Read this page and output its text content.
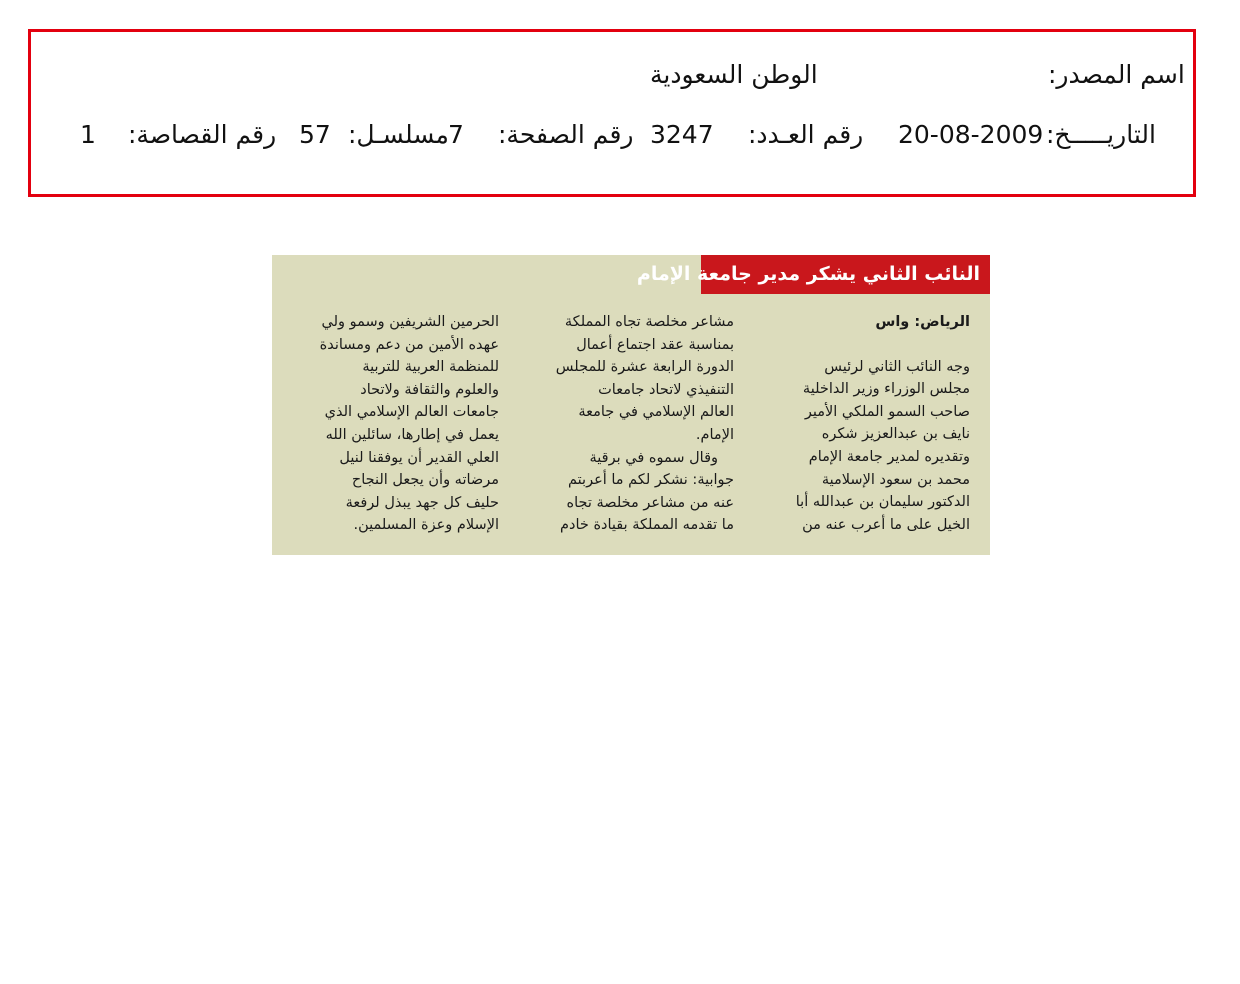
اسم المصدر:
الوطن السعودية
التاريـــــخ:
20-08-2009
رقم العـدد:
3247
رقم الصفحة:
7
مسلسـل:
57
رقم القصاصة:
1
النائب الثاني يشكر مدير جامعة الإمام

الرياض: واس

وجه النائب الثاني لرئيس

مجلس الوزراء وزير الداخلية

صاحب السمو الملكي الأمير

نايف بن عبدالعزيز شكره

وتقديره لمدير جامعة الإمام

محمد بن سعود الإسلامية

الدكتور سليمان بن عبدالله أبا

الخيل على ما أعرب عنه من

مشاعر مخلصة تجاه المملكة

بمناسبة عقد اجتماع أعمال

الدورة الرابعة عشرة للمجلس

التنفيذي لاتحاد جامعات

العالم الإسلامي في جامعة

الإمام.

وقال سموه في برقية

جوابية: نشكر لكم ما أعربتم

عنه من مشاعر مخلصة تجاه

ما تقدمه المملكة بقيادة خادم

الحرمين الشريفين وسمو ولي

عهده الأمين من دعم ومساندة

للمنظمة العربية للتربية

والعلوم والثقافة ولاتحاد

جامعات العالم الإسلامي الذي

يعمل في إطارها، سائلين الله

العلي القدير أن يوفقنا لنيل

مرضاته وأن يجعل النجاح

حليف كل جهد يبذل لرفعة

الإسلام وعزة المسلمين.
